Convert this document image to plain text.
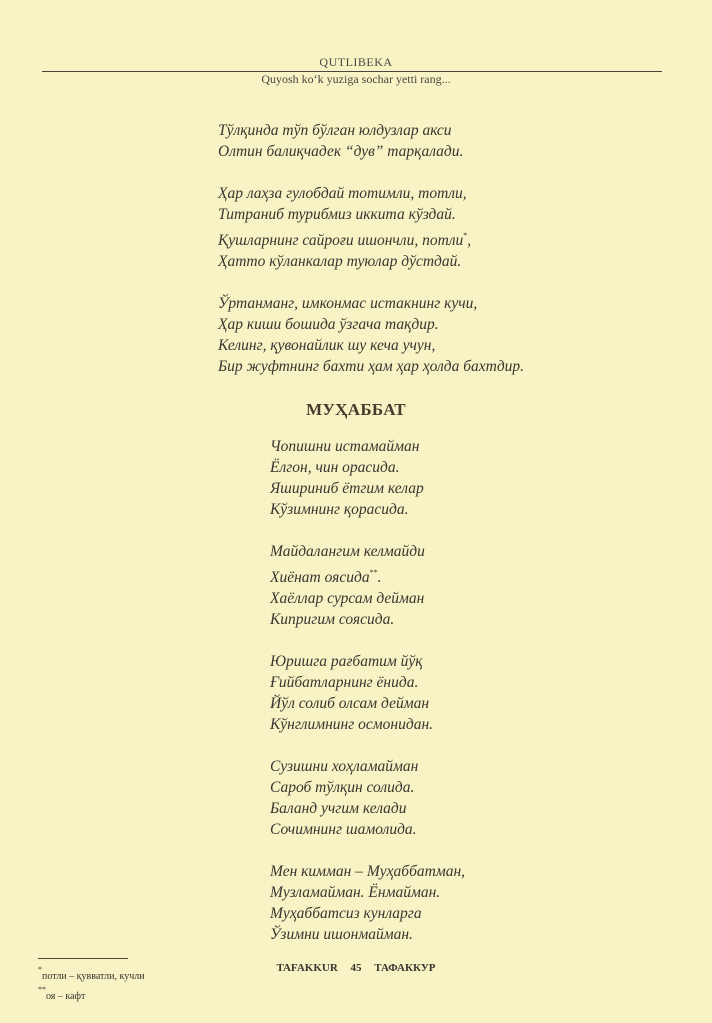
QUTLIBEKA
Quyosh ko‘k yuziga sochar yetti rang...
Тўлқинда тўп бўлган юлдузлар акси
Олтин балиқчадек “дув” тарқалади.
Ҳар лаҳза гулобдай тотимли, тотли,
Титраниб турибмиз иккита кўздай.
Қушларнинг сайроғи ишончли, потли*,
Ҳатто кўланкалар туюлар дўстдай.
Ўртанманг, имконмас истакнинг кучи,
Ҳар киши бошида ўзгача тақдир.
Келинг, қувонайлик шу кеча учун,
Бир жуфтнинг бахти ҳам ҳар ҳолда бахтдир.
МУҲАББАТ
Чопишни истамайман
Ёлгон, чин орасида.
Яшириниб ётгим келар
Кўзимнинг қорасида.
Майдалангим келмайди
Хиёнат оясида**.
Хаёллар сурсам дейман
Кипригим соясида.
Юришга рағбатим йўқ
Ғийбатларнинг ёнида.
Йўл солиб олсам дейман
Кўнглимнинг осмонидан.
Сузишни хоҳламайман
Сароб тўлқин солида.
Баланд учгим келади
Сочимнинг шамолида.
Мен кимман – Муҳаббатман,
Музламайман. Ёнмайман.
Муҳаббатсиз кунларга
Ўзимни ишонмайман.
*потли – қувватли, кучли
**оя – кафт
TAFAKKUR 45 ТАФАККУР
